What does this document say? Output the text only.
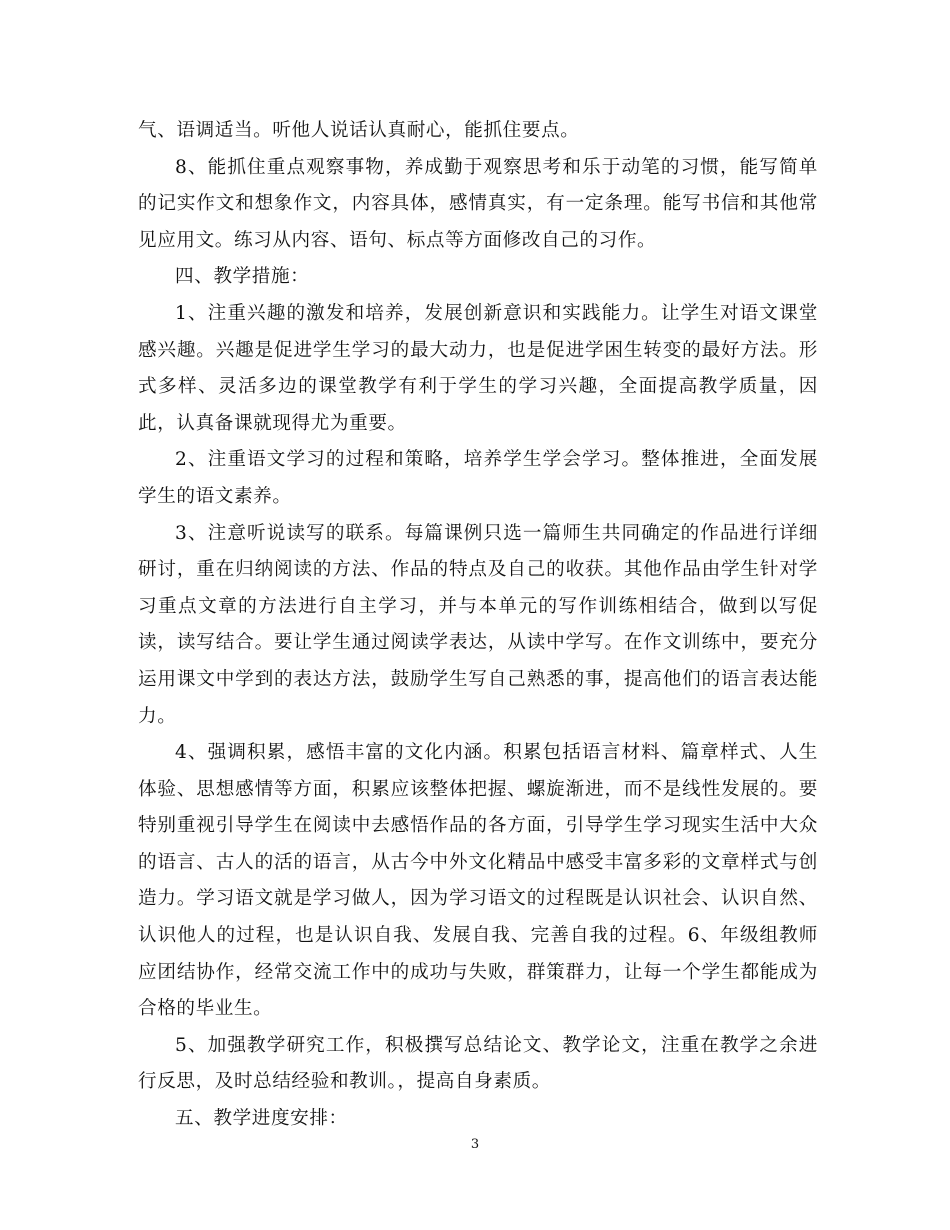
气、语调适当。听他人说话认真耐心，能抓住要点。

8、能抓住重点观察事物，养成勤于观察思考和乐于动笔的习惯，能写简单的记实作文和想象作文，内容具体，感情真实，有一定条理。能写书信和其他常见应用文。练习从内容、语句、标点等方面修改自己的习作。

四、教学措施：

1、注重兴趣的激发和培养，发展创新意识和实践能力。让学生对语文课堂感兴趣。兴趣是促进学生学习的最大动力，也是促进学困生转变的最好方法。形式多样、灵活多边的课堂教学有利于学生的学习兴趣，全面提高教学质量，因此，认真备课就现得尤为重要。

2、注重语文学习的过程和策略，培养学生学会学习。整体推进，全面发展学生的语文素养。

3、注意听说读写的联系。每篇课例只选一篇师生共同确定的作品进行详细研讨，重在归纳阅读的方法、作品的特点及自己的收获。其他作品由学生针对学习重点文章的方法进行自主学习，并与本单元的写作训练相结合，做到以写促读，读写结合。要让学生通过阅读学表达，从读中学写。在作文训练中，要充分运用课文中学到的表达方法，鼓励学生写自己熟悉的事，提高他们的语言表达能力。

4、强调积累，感悟丰富的文化内涵。积累包括语言材料、篇章样式、人生体验、思想感情等方面，积累应该整体把握、螺旋渐进，而不是线性发展的。要特别重视引导学生在阅读中去感悟作品的各方面，引导学生学习现实生活中大众的语言、古人的活的语言，从古今中外文化精品中感受丰富多彩的文章样式与创造力。学习语文就是学习做人，因为学习语文的过程既是认识社会、认识自然、认识他人的过程，也是认识自我、发展自我、完善自我的过程。6、年级组教师应团结协作，经常交流工作中的成功与失败，群策群力，让每一个学生都能成为合格的毕业生。

5、加强教学研究工作，积极撰写总结论文、教学论文，注重在教学之余进行反思，及时总结经验和教训。，提高自身素质。

五、教学进度安排：

3
